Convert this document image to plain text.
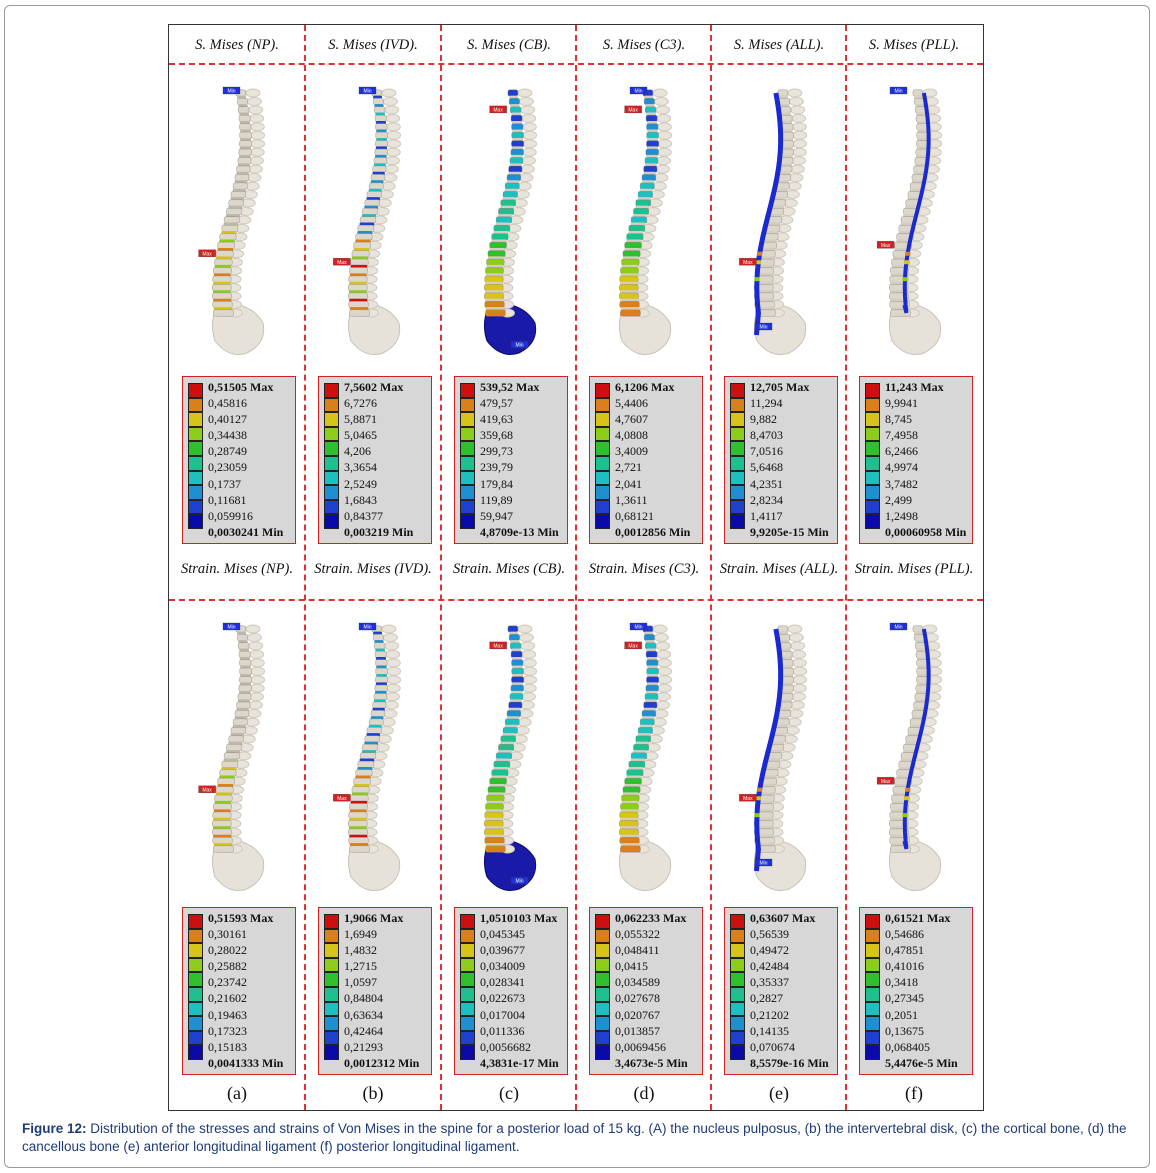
S. Mises (NP).
Min
Max
0,51505 Max
0,45816
0,40127
0,34438
0,28749
0,23059
0,1737
0,11681
0,059916
0,0030241 Min
Strain. Mises (NP).
Min
Max
0,51593 Max
0,30161
0,28022
0,25882
0,23742
0,21602
0,19463
0,17323
0,15183
0,0041333 Min
(a)
S. Mises (IVD).
Min
Max
7,5602 Max
6,7276
5,8871
5,0465
4,206
3,3654
2,5249
1,6843
0,84377
0,003219 Min
Strain. Mises (IVD).
Min
Max
1,9066 Max
1,6949
1,4832
1,2715
1,0597
0,84804
0,63634
0,42464
0,21293
0,0012312 Min
(b)
S. Mises (CB).
Min
Max
539,52 Max
479,57
419,63
359,68
299,73
239,79
179,84
119,89
59,947
4,8709e-13 Min
Strain. Mises (CB).
Min
Max
1,0510103 Max
0,045345
0,039677
0,034009
0,028341
0,022673
0,017004
0,011336
0,0056682
4,3831e-17 Min
(c)
S. Mises (C3).
Min
Max
6,1206 Max
5,4406
4,7607
4,0808
3,4009
2,721
2,041
1,3611
0,68121
0,0012856 Min
Strain. Mises (C3).
Min
Max
0,062233 Max
0,055322
0,048411
0,0415
0,034589
0,027678
0,020767
0,013857
0,0069456
3,4673e-5 Min
(d)
S. Mises (ALL).
Min
Max
12,705 Max
11,294
9,882
8,4703
7,0516
5,6468
4,2351
2,8234
1,4117
9,9205e-15 Min
Strain. Mises (ALL).
Min
Max
0,63607 Max
0,56539
0,49472
0,42484
0,35337
0,2827
0,21202
0,14135
0,070674
8,5579e-16 Min
(e)
S. Mises (PLL).
Min
Max
11,243 Max
9,9941
8,745
7,4958
6,2466
4,9974
3,7482
2,499
1,2498
0,00060958 Min
Strain. Mises (PLL).
Min
Max
0,61521 Max
0,54686
0,47851
0,41016
0,3418
0,27345
0,2051
0,13675
0,068405
5,4476e-5 Min
(f)
Figure 12: Distribution of the stresses and strains of Von Mises in the spine for a posterior load of 15 kg. (A) the nucleus pulposus, (b) the intervertebral disk, (c) the cortical bone, (d) the cancellous bone (e) anterior longitudinal ligament (f) posterior longitudinal ligament.
